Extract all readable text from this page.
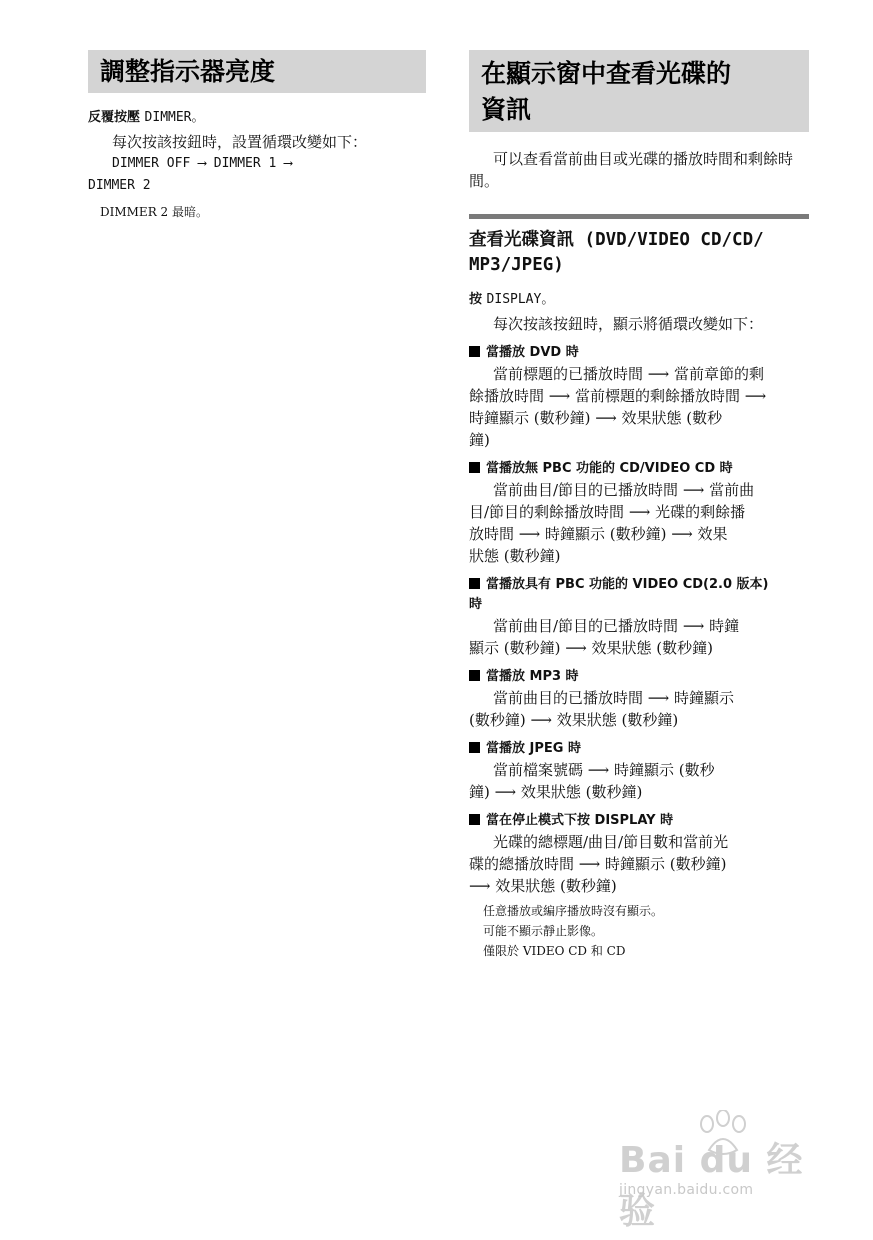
調整指示器亮度
反覆按壓 DIMMER。
每次按該按鈕時，設置循環改變如下：
DIMMER OFF ⟶ DIMMER 1 ⟶
DIMMER 2
DIMMER 2 最暗。
在顯示窗中查看光碟的
資訊
可以查看當前曲目或光碟的播放時間和剩餘時間。
查看光碟資訊 (DVD/VIDEO CD/CD/
MP3/JPEG)
按 DISPLAY。
每次按該按鈕時，顯示將循環改變如下：
當播放 DVD 時
當前標題的已播放時間 ⟶ 當前章節的剩
餘播放時間 ⟶ 當前標題的剩餘播放時間 ⟶
時鐘顯示 (數秒鐘) ⟶ 效果狀態 (數秒
鐘)
當播放無 PBC 功能的 CD/VIDEO CD 時
當前曲目/節目的已播放時間 ⟶ 當前曲
目/節目的剩餘播放時間 ⟶ 光碟的剩餘播
放時間 ⟶ 時鐘顯示 (數秒鐘) ⟶ 效果
狀態 (數秒鐘)
當播放具有 PBC 功能的 VIDEO CD(2.0 版本)
時
當前曲目/節目的已播放時間 ⟶ 時鐘
顯示 (數秒鐘) ⟶ 效果狀態 (數秒鐘)
當播放 MP3 時
當前曲目的已播放時間 ⟶ 時鐘顯示
(數秒鐘) ⟶ 效果狀態 (數秒鐘)
當播放 JPEG 時
當前檔案號碼 ⟶ 時鐘顯示 (數秒
鐘) ⟶ 效果狀態 (數秒鐘)
當在停止模式下按 DISPLAY 時
光碟的總標題/曲目/節目數和當前光
碟的總播放時間 ⟶ 時鐘顯示 (數秒鐘)
⟶ 效果狀態 (數秒鐘)
任意播放或編序播放時沒有顯示。
可能不顯示靜止影像。
僅限於 VIDEO CD 和 CD
Bai du 经验
jingyan.baidu.com
